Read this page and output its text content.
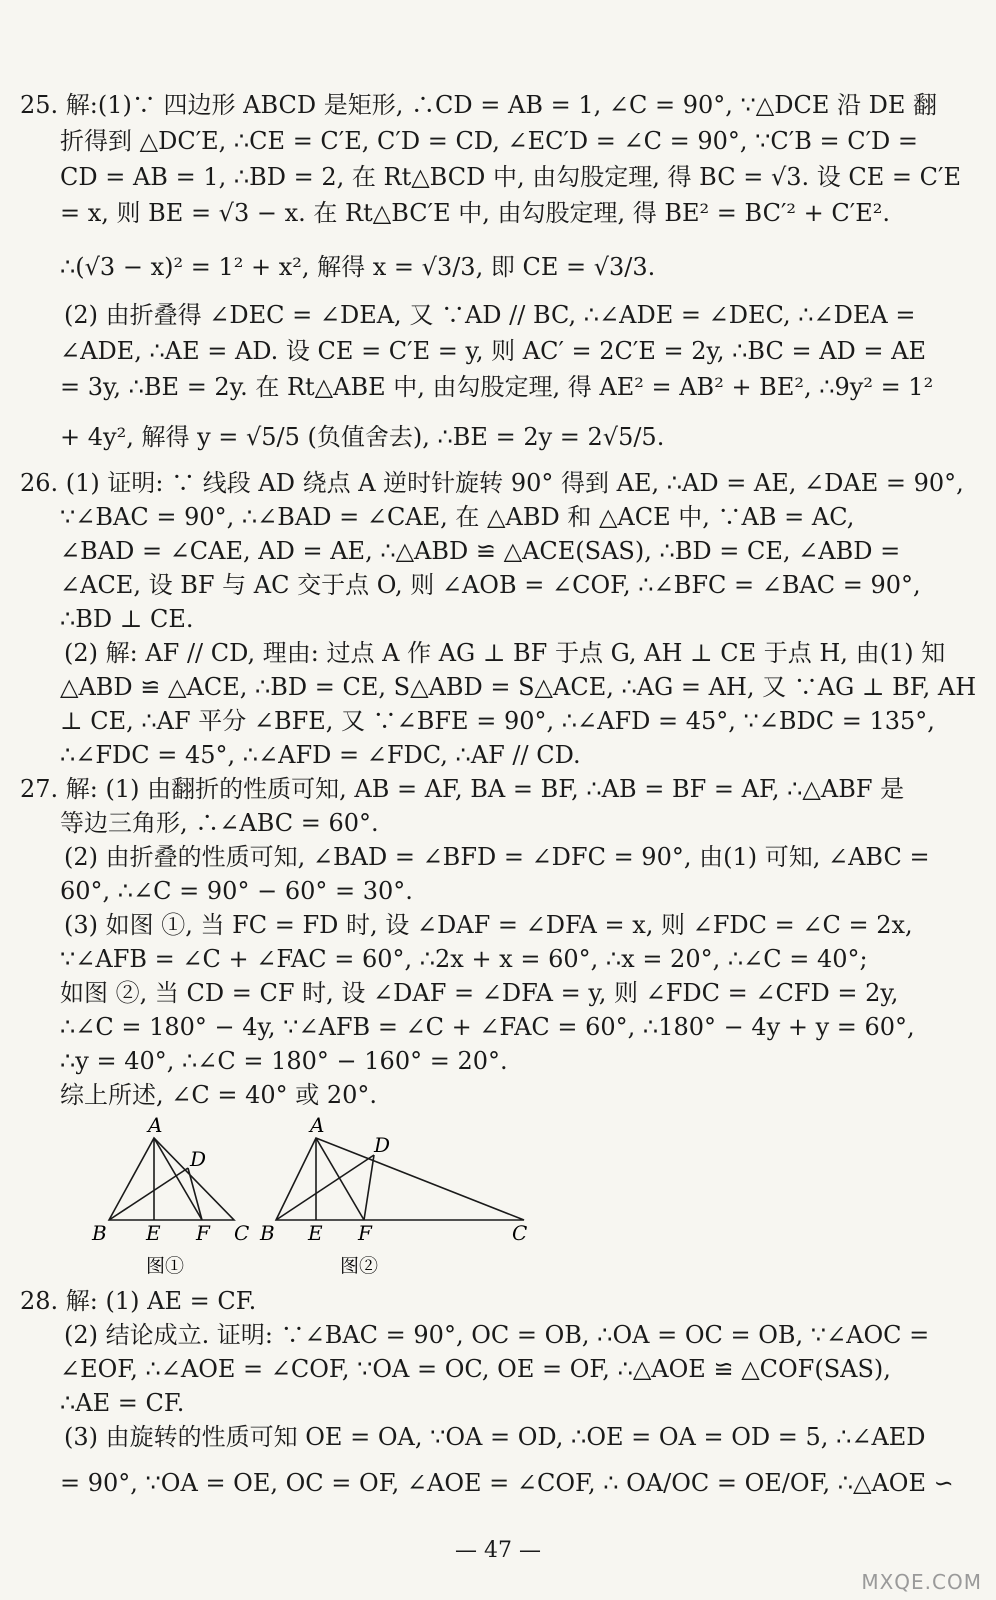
25. 解:(1)∵ 四边形 ABCD 是矩形, ∴CD = AB = 1, ∠C = 90°, ∵△DCE 沿 DE 翻
折得到 △DC′E, ∴CE = C′E, C′D = CD, ∠EC′D = ∠C = 90°, ∵C′B = C′D =
CD = AB = 1, ∴BD = 2, 在 Rt△BCD 中, 由勾股定理, 得 BC = √3. 设 CE = C′E
= x, 则 BE = √3 − x. 在 Rt△BC′E 中, 由勾股定理, 得 BE² = BC′² + C′E².
∴(√3 − x)² = 1² + x², 解得 x = √3/3, 即 CE = √3/3.
(2) 由折叠得 ∠DEC = ∠DEA, 又 ∵AD // BC, ∴∠ADE = ∠DEC, ∴∠DEA =
∠ADE, ∴AE = AD. 设 CE = C′E = y, 则 AC′ = 2C′E = 2y, ∴BC = AD = AE
= 3y, ∴BE = 2y. 在 Rt△ABE 中, 由勾股定理, 得 AE² = AB² + BE², ∴9y² = 1²
+ 4y², 解得 y = √5/5 (负值舍去), ∴BE = 2y = 2√5/5.
26. (1) 证明: ∵ 线段 AD 绕点 A 逆时针旋转 90° 得到 AE, ∴AD = AE, ∠DAE = 90°,
∵∠BAC = 90°, ∴∠BAD = ∠CAE, 在 △ABD 和 △ACE 中, ∵AB = AC,
∠BAD = ∠CAE, AD = AE, ∴△ABD ≌ △ACE(SAS), ∴BD = CE, ∠ABD =
∠ACE, 设 BF 与 AC 交于点 O, 则 ∠AOB = ∠COF, ∴∠BFC = ∠BAC = 90°,
∴BD ⊥ CE.
(2) 解: AF // CD, 理由: 过点 A 作 AG ⊥ BF 于点 G, AH ⊥ CE 于点 H, 由(1) 知
△ABD ≌ △ACE, ∴BD = CE, S△ABD = S△ACE, ∴AG = AH, 又 ∵AG ⊥ BF, AH
⊥ CE, ∴AF 平分 ∠BFE, 又 ∵∠BFE = 90°, ∴∠AFD = 45°, ∵∠BDC = 135°,
∴∠FDC = 45°, ∴∠AFD = ∠FDC, ∴AF // CD.
27. 解: (1) 由翻折的性质可知, AB = AF, BA = BF, ∴AB = BF = AF, ∴△ABF 是
等边三角形, ∴∠ABC = 60°.
(2) 由折叠的性质可知, ∠BAD = ∠BFD = ∠DFC = 90°, 由(1) 可知, ∠ABC =
60°, ∴∠C = 90° − 60° = 30°.
(3) 如图 ①, 当 FC = FD 时, 设 ∠DAF = ∠DFA = x, 则 ∠FDC = ∠C = 2x,
∵∠AFB = ∠C + ∠FAC = 60°, ∴2x + x = 60°, ∴x = 20°, ∴∠C = 40°;
如图 ②, 当 CD = CF 时, 设 ∠DAF = ∠DFA = y, 则 ∠FDC = ∠CFD = 2y,
∴∠C = 180° − 4y, ∵∠AFB = ∠C + ∠FAC = 60°, ∴180° − 4y + y = 60°,
∴y = 40°, ∴∠C = 180° − 160° = 20°.
综上所述, ∠C = 40° 或 20°.
A
D
B E F C
图①
A
D
B E F	C
图②
28. 解: (1) AE = CF.
(2) 结论成立. 证明: ∵∠BAC = 90°, OC = OB, ∴OA = OC = OB, ∵∠AOC =
∠EOF, ∴∠AOE = ∠COF, ∵OA = OC, OE = OF, ∴△AOE ≌ △COF(SAS),
∴AE = CF.
(3) 由旋转的性质可知 OE = OA, ∵OA = OD, ∴OE = OA = OD = 5, ∴∠AED
= 90°, ∵OA = OE, OC = OF, ∠AOE = ∠COF, ∴ OA/OC = OE/OF, ∴△AOE ∽
— 47 —
MXQE.COM
